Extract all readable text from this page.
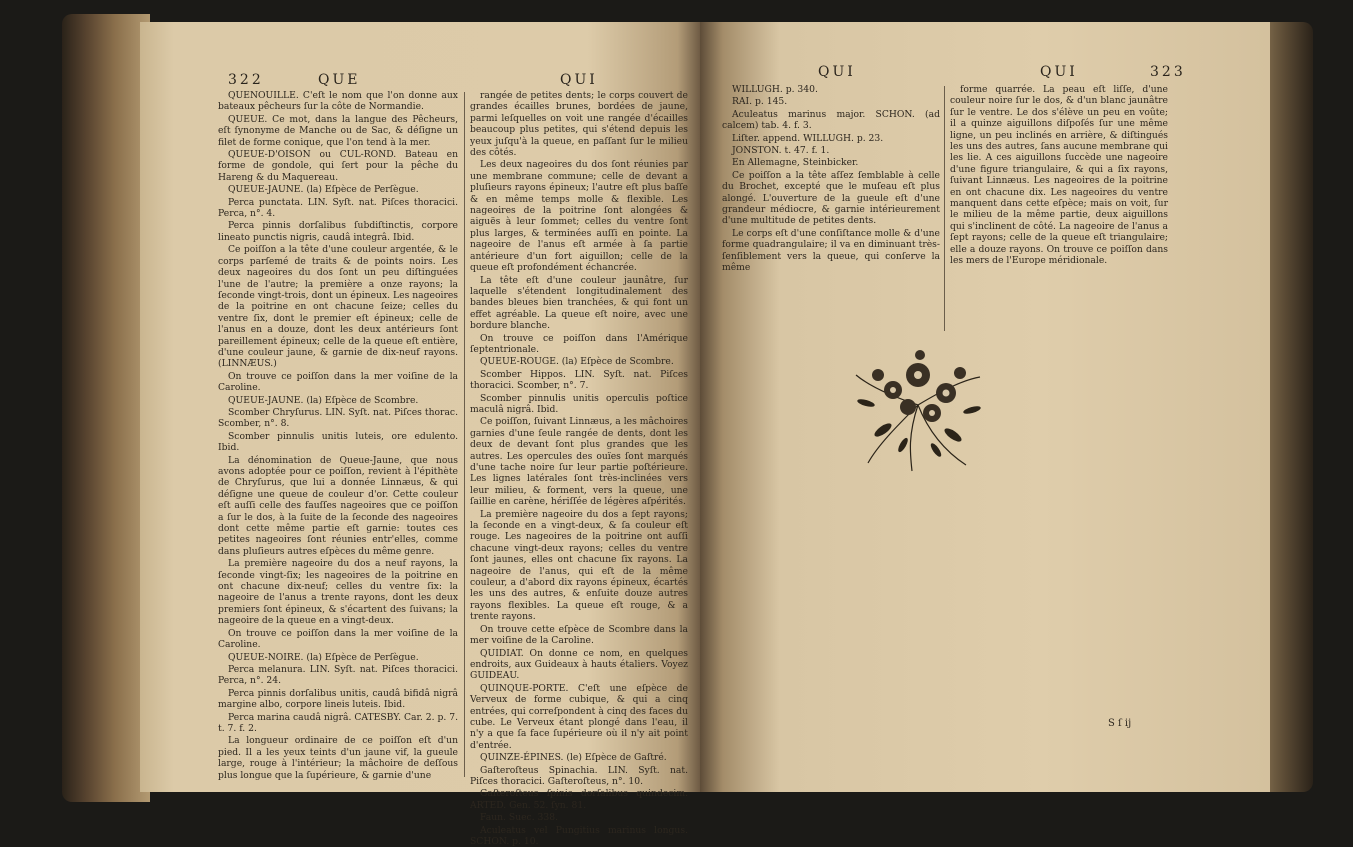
322	QUE	QUI

QUENOUILLE. C'eſt le nom que l'on donne aux bateaux pêcheurs ſur la côte de Normandie.

QUEUE. Ce mot, dans la langue des Pêcheurs, eſt ſynonyme de Manche ou de Sac, & déſigne un filet de forme conique, que l'on tend à la mer.

QUEUE-D'OISON ou CUL-ROND. Bateau en forme de gondole, qui ſert pour la pêche du Hareng & du Maquereau.

QUEUE-JAUNE. (la) Eſpèce de Perſègue.

Perca punctata. LIN. Syſt. nat. Piſces thoracici. Perca, n°. 4.

Perca pinnis dorſalibus ſubdiſtinctis, corpore lineato punctis nigris, caudâ integrâ. Ibid.

Ce poiſſon a la tête d'une couleur argentée, & le corps parſemé de traits & de points noirs. Les deux nageoires du dos ſont un peu diſtinguées l'une de l'autre; la première a onze rayons; la ſeconde vingt-trois, dont un épineux. Les nageoires de la poitrine en ont chacune ſeize; celles du ventre ſix, dont le premier eſt épineux; celle de l'anus en a douze, dont les deux antérieurs ſont pareillement épineux; celle de la queue eſt entière, d'une couleur jaune, & garnie de dix-neuf rayons. (LINNÆUS.)

On trouve ce poiſſon dans la mer voiſine de la Caroline.

QUEUE-JAUNE. (la) Eſpèce de Scombre.

Scomber Chryſurus. LIN. Syſt. nat. Piſces thorac. Scomber, n°. 8.

Scomber pinnulis unitis luteis, ore edulento. Ibid.

La dénomination de Queue-Jaune, que nous avons adoptée pour ce poiſſon, revient à l'épithète de Chryſurus, que lui a donnée Linnæus, & qui déſigne une queue de couleur d'or. Cette couleur eſt auſſi celle des fauſſes nageoires que ce poiſſon a ſur le dos, à la ſuite de la ſeconde des nageoires dont cette même partie eſt garnie: toutes ces petites nageoires ſont réunies entr'elles, comme dans pluſieurs autres eſpèces du même genre.

La première nageoire du dos a neuf rayons, la ſeconde vingt-ſix; les nageoires de la poitrine en ont chacune dix-neuf; celles du ventre ſix: la nageoire de l'anus a trente rayons, dont les deux premiers ſont épineux, & s'écartent des ſuivans; la nageoire de la queue en a vingt-deux.

On trouve ce poiſſon dans la mer voiſine de la Caroline.

QUEUE-NOIRE. (la) Eſpèce de Perſègue.

Perca melanura. LIN. Syſt. nat. Piſces thoracici. Perca, n°. 24.

Perca pinnis dorſalibus unitis, caudâ bifidâ nigrâ margine albo, corpore lineis luteis. Ibid.

Perca marina caudâ nigrâ. CATESBY. Car. 2. p. 7. t. 7. f. 2.

La longueur ordinaire de ce poiſſon eſt d'un pied. Il a les yeux teints d'un jaune vif, la gueule large, rouge à l'intérieur; la mâchoire de deſſous plus longue que la ſupérieure, & garnie d'une

rangée de petites dents; le corps couvert de grandes écailles brunes, bordées de jaune, parmi leſquelles on voit une rangée d'écailles beaucoup plus petites, qui s'étend depuis les yeux juſqu'à la queue, en paſſant ſur le milieu des côtés.

Les deux nageoires du dos ſont réunies par une membrane commune; celle de devant a pluſieurs rayons épineux; l'autre eſt plus baſſe & en même temps molle & flexible. Les nageoires de la poitrine ſont alongées & aiguës à leur ſommet; celles du ventre ſont plus larges, & terminées auſſi en pointe. La nageoire de l'anus eſt armée à ſa partie antérieure d'un fort aiguillon; celle de la queue eſt profondément échancrée.

La tête eſt d'une couleur jaunâtre, ſur laquelle s'étendent longitudinalement des bandes bleues bien tranchées, & qui font un effet agréable. La queue eſt noire, avec une bordure blanche.

On trouve ce poiſſon dans l'Amérique ſeptentrionale.

QUEUE-ROUGE. (la) Eſpèce de Scombre.

Scomber Hippos. LIN. Syſt. nat. Piſces thoracici. Scomber, n°. 7.

Scomber pinnulis unitis operculis poſtice maculâ nigrâ. Ibid.

Ce poiſſon, ſuivant Linnæus, a les mâchoires garnies d'une ſeule rangée de dents, dont les deux de devant ſont plus grandes que les autres. Les opercules des ouïes ſont marqués d'une tache noire ſur leur partie poſtérieure. Les lignes latérales ſont très-inclinées vers leur milieu, & forment, vers la queue, une ſaillie en carène, hériſſée de légères aſpérités.

La première nageoire du dos a ſept rayons; la ſeconde en a vingt-deux, & ſa couleur eſt rouge. Les nageoires de la poitrine ont auſſi chacune vingt-deux rayons; celles du ventre ſont jaunes, elles ont chacune ſix rayons. La nageoire de l'anus, qui eſt de la même couleur, a d'abord dix rayons épineux, écartés les uns des autres, & enſuite douze autres rayons flexibles. La queue eſt rouge, & a trente rayons.

On trouve cette eſpèce de Scombre dans la mer voiſine de la Caroline.

QUIDIAT. On donne ce nom, en quelques endroits, aux Guideaux à hauts étaliers. Voyez GUIDEAU.

QUINQUE-PORTE. C'eſt une eſpèce de Verveux de forme cubique, & qui a cinq entrées, qui correſpondent à cinq des faces du cube. Le Verveux étant plongé dans l'eau, il n'y a que ſa face ſupérieure où il n'y ait point d'entrée.

QUINZE-ÉPINES. (le) Eſpèce de Gaſtré.

Gaſteroſteus Spinachia. LIN. Syſt. nat. Piſces thoracici. Gaſteroſteus, n°. 10.

Gaſteroſteus ſpinis dorſalibus quindecim. ARTED. Gen. 52. ſyn. 81.

Faun. Suec. 338.

Aculeatus vel Pungitius marinus longus. SCHON. p. 10.

QUI	QUI	323

WILLUGH. p. 340.

RAI. p. 145.

Aculeatus marinus major. SCHON. (ad calcem) tab. 4. f. 3.

Liſter. append. WILLUGH. p. 23.

JONSTON. t. 47. f. 1.

En Allemagne, Steinbicker.

Ce poiſſon a la tête aſſez ſemblable à celle du Brochet, excepté que le muſeau eſt plus alongé. L'ouverture de la gueule eſt d'une grandeur médiocre, & garnie intérieurement d'une multitude de petites dents.

Le corps eſt d'une conſiſtance molle & d'une forme quadrangulaire; il va en diminuant très-ſenſiblement vers la queue, qui conſerve la même

forme quarrée. La peau eſt liſſe, d'une couleur noire ſur le dos, & d'un blanc jaunâtre ſur le ventre. Le dos s'élève un peu en voûte; il a quinze aiguillons diſpoſés ſur une même ligne, un peu inclinés en arrière, & diſtingués les uns des autres, ſans aucune membrane qui les lie. A ces aiguillons ſuccède une nageoire d'une figure triangulaire, & qui a ſix rayons, ſuivant Linnæus. Les nageoires de la poitrine en ont chacune dix. Les nageoires du ventre manquent dans cette eſpèce; mais on voit, ſur le milieu de la même partie, deux aiguillons qui s'inclinent de côté. La nageoire de l'anus a ſept rayons; celle de la queue eſt triangulaire; elle a douze rayons. On trouve ce poiſſon dans les mers de l'Europe méridionale.

S ſ ij
